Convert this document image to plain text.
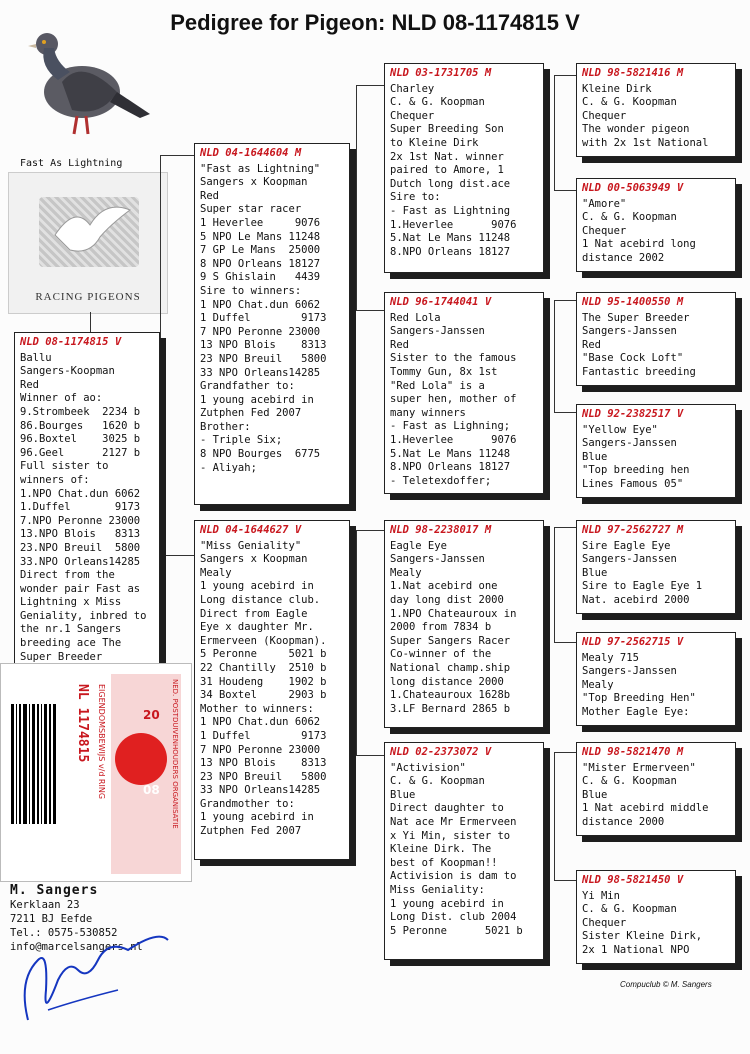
Pedigree for Pigeon: NLD 08-1174815 V
Fast As Lightning
RACING PIGEONS
NLD 08-1174815 V
Ballu
Sangers-Koopman
Red
Winner of ao:
9.Strombeek  2234 b
86.Bourges   1620 b
96.Boxtel    3025 b
96.Geel      2127 b
Full sister to
winners of:
1.NPO Chat.dun 6062
1.Duffel       9173
7.NPO Peronne 23000
13.NPO Blois   8313
23.NPO Breuil  5800
33.NPO Orleans14285
Direct from the
wonder pair Fast as
Lightning x Miss
Geniality, inbred to
the nr.1 Sangers
breeding ace The
Super Breeder
NLD 04-1644604 M
"Fast as Lightning"
Sangers x Koopman
Red
Super star racer
1 Heverlee     9076
5 NPO Le Mans 11248
7 GP Le Mans  25000
8 NPO Orleans 18127
9 S Ghislain   4439
Sire to winners:
1 NPO Chat.dun 6062
1 Duffel        9173
7 NPO Peronne 23000
13 NPO Blois    8313
23 NPO Breuil   5800
33 NPO Orleans14285
Grandfather to:
1 young acebird in
Zutphen Fed 2007
Brother:
- Triple Six;
8 NPO Bourges  6775
- Aliyah;
NLD 04-1644627 V
"Miss Geniality"
Sangers x Koopman
Mealy
1 young acebird in
Long distance club.
Direct from Eagle
Eye x daughter Mr.
Ermerveen (Koopman).
5 Peronne     5021 b
22 Chantilly  2510 b
31 Houdeng    1902 b
34 Boxtel     2903 b
Mother to winners:
1 NPO Chat.dun 6062
1 Duffel        9173
7 NPO Peronne 23000
13 NPO Blois    8313
23 NPO Breuil   5800
33 NPO Orleans14285
Grandmother to:
1 young acebird in
Zutphen Fed 2007
NLD 03-1731705 M
Charley
C. & G. Koopman
Chequer
Super Breeding Son
to Kleine Dirk
2x 1st Nat. winner
paired to Amore, 1
Dutch long dist.ace
Sire to:
- Fast as Lightning
1.Heverlee      9076
5.Nat Le Mans 11248
8.NPO Orleans 18127
NLD 96-1744041 V
Red Lola
Sangers-Janssen
Red
Sister to the famous
Tommy Gun, 8x 1st
"Red Lola" is a
super hen, mother of
many winners
- Fast as Lighning;
1.Heverlee      9076
5.Nat Le Mans 11248
8.NPO Orleans 18127
- Teletexdoffer;
NLD 98-2238017 M
Eagle Eye
Sangers-Janssen
Mealy
1.Nat acebird one
day long dist 2000
1.NPO Chateauroux in
2000 from 7834 b
Super Sangers Racer
Co-winner of the
National champ.ship
long distance 2000
1.Chateauroux 1628b
3.LF Bernard 2865 b
NLD 02-2373072 V
"Activision"
C. & G. Koopman
Blue
Direct daughter to
Nat ace Mr Ermerveen
x Yi Min, sister to
Kleine Dirk. The
best of Koopman!!
Activision is dam to
Miss Geniality:
1 young acebird in
Long Dist. club 2004
5 Peronne      5021 b
NLD 98-5821416 M
Kleine Dirk
C. & G. Koopman
Chequer
The wonder pigeon
with 2x 1st National
NLD 00-5063949 V
"Amore"
C. & G. Koopman
Chequer
1 Nat acebird long
distance 2002
NLD 95-1400550 M
The Super Breeder
Sangers-Janssen
Red
"Base Cock Loft"
Fantastic breeding
NLD 92-2382517 V
"Yellow Eye"
Sangers-Janssen
Blue
"Top breeding hen
Lines Famous 05"
NLD 97-2562727 M
Sire Eagle Eye
Sangers-Janssen
Blue
Sire to Eagle Eye 1
Nat. acebird 2000
NLD 97-2562715 V
Mealy 715
Sangers-Janssen
Mealy
"Top Breeding Hen"
Mother Eagle Eye:
NLD 98-5821470 M
"Mister Ermerveen"
C. & G. Koopman
Blue
1 Nat acebird middle
distance 2000
NLD 98-5821450 V
Yi Min
C. & G. Koopman
Chequer
Sister Kleine Dirk,
2x 1 National NPO
20
08
NL 1174815	NED. POSTDUIVENHOUDERS ORGANISATIE
EIGENDOMSBEWIJS v/d RING
M. Sangers
Kerklaan 23
7211 BJ Eefde
Tel.: 0575-530852
info@marcelsangers.nl
Compuclub © M. Sangers
